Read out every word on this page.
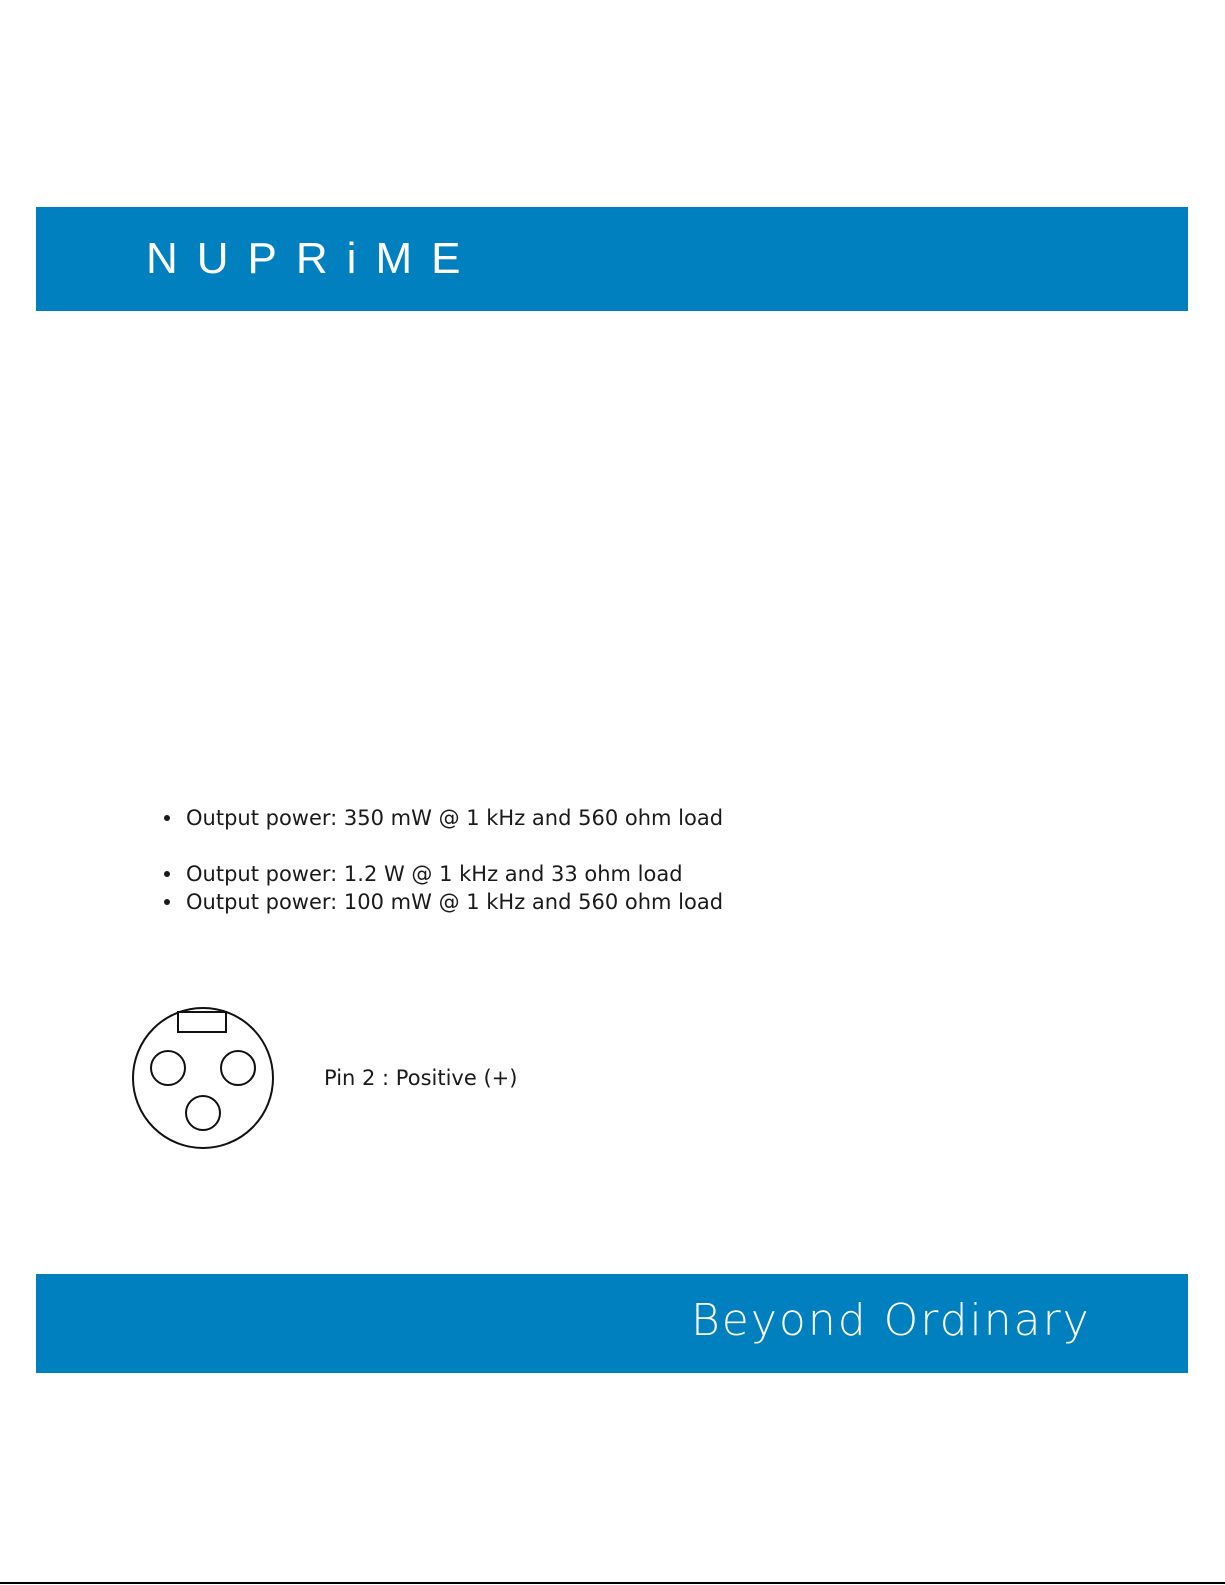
NUPRiME
Output power: 350 mW @ 1 kHz and 560 ohm load
Output power: 1.2 W @ 1 kHz and 33 ohm load
Output power: 100 mW @ 1 kHz and 560 ohm load
Pin 2 : Positive (+)
Beyond Ordinary
